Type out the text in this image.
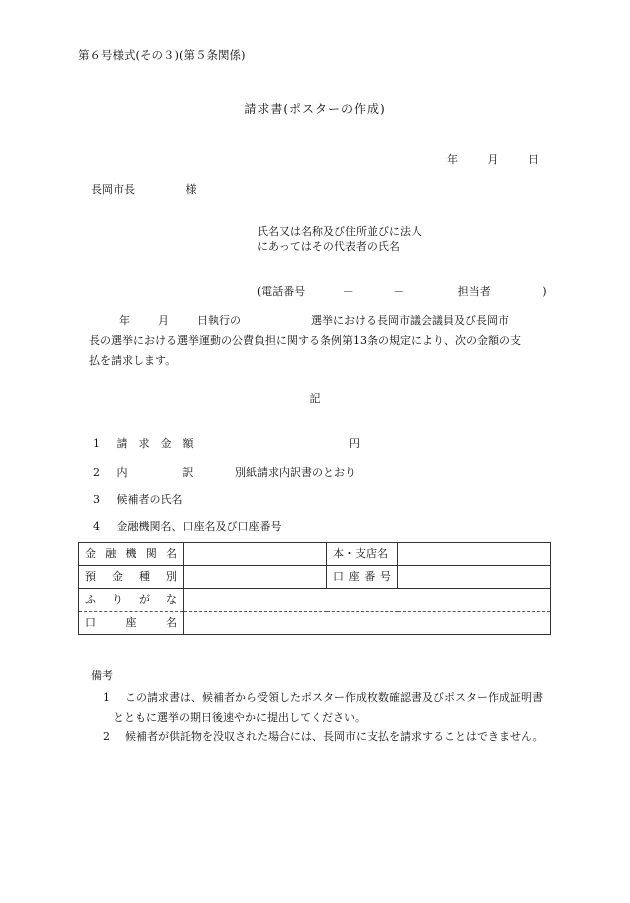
第６号様式(その３)(第５条関係)
請求書(ポスターの作成)
年	月	日
長岡市長	様
氏名又は名称及び住所並びに法人
にあってはその代表者の氏名
(電話番号	－	－	担当者	)
年	月	日執行の	選挙における長岡市議会議員及び長岡市
長の選挙における選挙運動の公費負担に関する条例第13条の規定により、次の金額の支
払を請求します。
記
1 請　求　金　額	円
2 内　　　　　訳	別紙請求内訳書のとおり
3 候補者の氏名
4 金融機関名、口座名及び口座番号
金 融 機 関 名		本・支店名	

預 金 種 別		口 座 番 号	

ふ り が な			

口 座 名			

備考
1	この請求書は、候補者から受領したポスター作成枚数確認書及びポスター作成証明書とともに選挙の期日後速やかに提出してください。
2	候補者が供託物を没収された場合には、長岡市に支払を請求することはできません。
